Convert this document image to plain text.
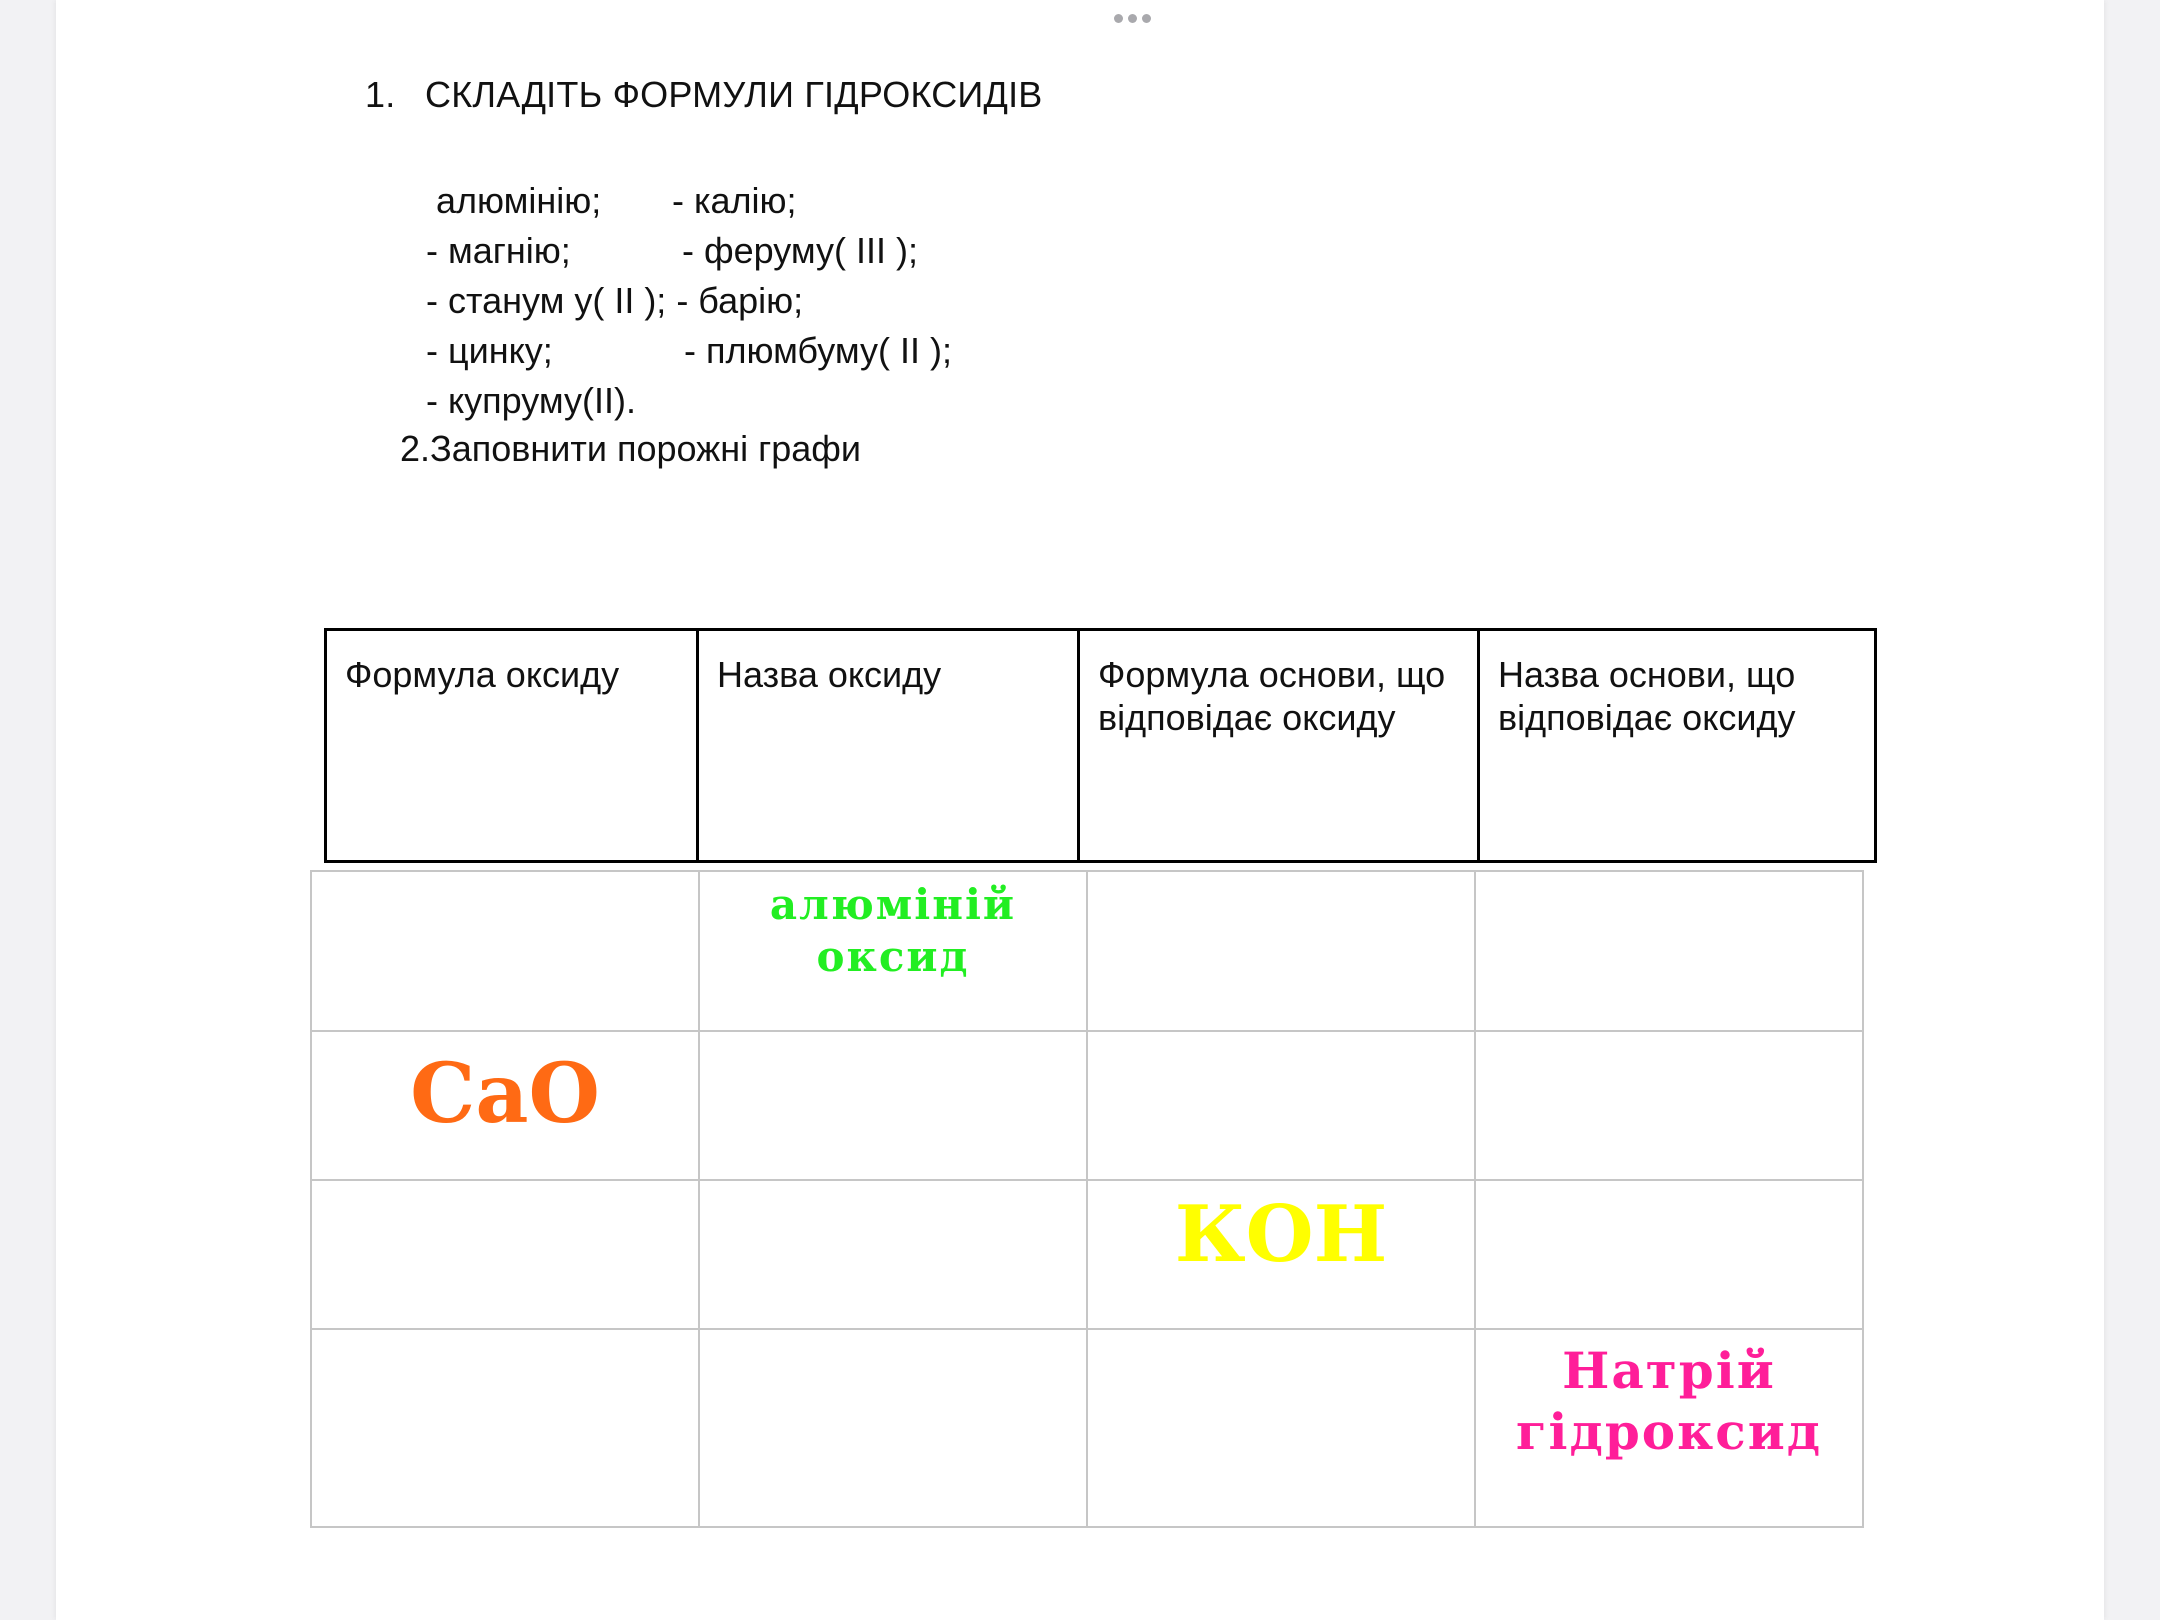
1. СКЛАДІТЬ ФОРМУЛИ ГІДРОКСИДІВ
алюмінію; - калію;
- магнію;	- феруму( III );
- станум у( II ); - барію;
- цинку;	- плюмбуму( II );
- купруму(II).
2.Заповнити порожні графи
Формула оксиду	Назва оксиду	Формула основи, що відповідає оксиду	Назва основи, що відповідає оксиду

	алюміній оксид		

CaO			

		КОН	

			Натрій гідроксид
